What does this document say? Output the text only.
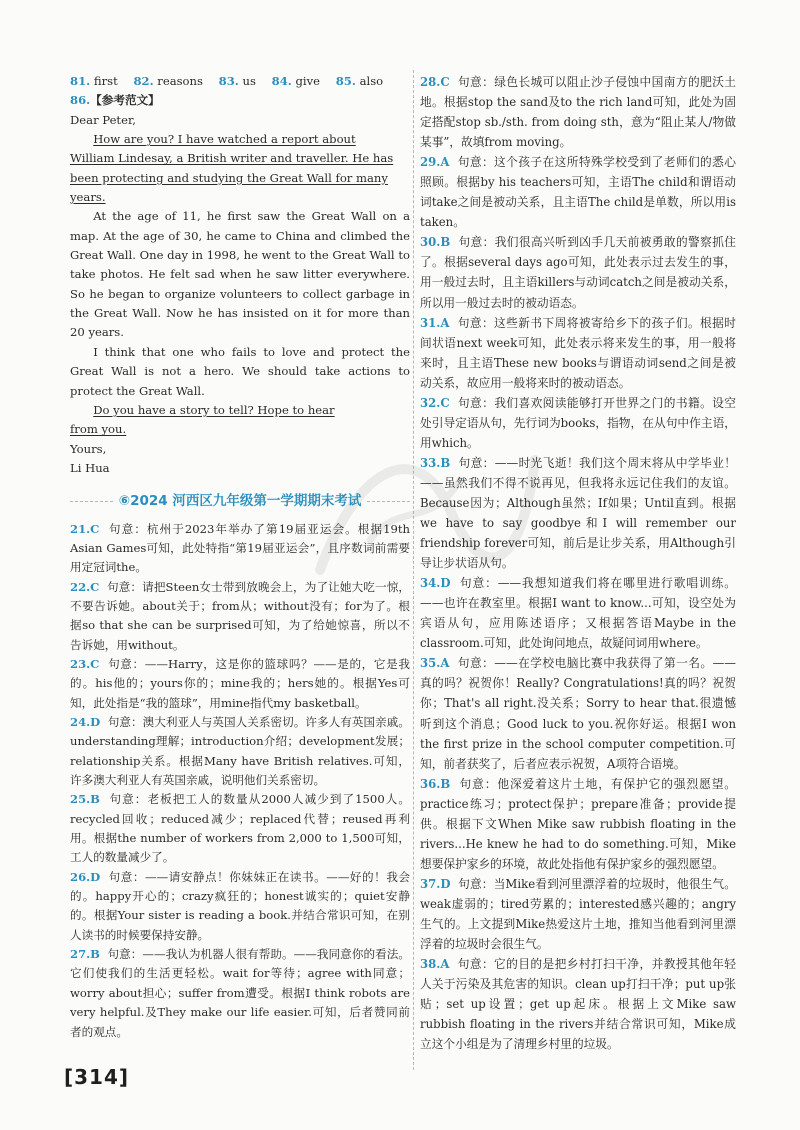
81. first 82. reasons 83. us 84. give 85. also

86.【参考范文】

Dear Peter,

How are you? I have watched a report about

William Lindesay, a British writer and traveller. He has

been protecting and studying the Great Wall for many

years.

At the age of 11, he first saw the Great Wall on a map. At the age of 30, he came to China and climbed the Great Wall. One day in 1998, he went to the Great Wall to take photos. He felt sad when he saw litter everywhere. So he began to organize volunteers to collect garbage in the Great Wall. Now he has insisted on it for more than 20 years.

I think that one who fails to love and protect the Great Wall is not a hero. We should take actions to protect the Great Wall.

Do you have a story to tell? Hope to hear

from you.

Yours,

Li Hua

⑥2024 河西区九年级第一学期期末考试

21.C 句意：杭州于2023年举办了第19届亚运会。根据19th Asian Games可知，此处特指“第19届亚运会”，且序数词前需要用定冠词the。

22.C 句意：请把Steen女士带到放晚会上，为了让她大吃一惊，不要告诉她。about关于；from从；without没有；for为了。根据so that she can be surprised可知，为了给她惊喜，所以不告诉她，用without。

23.C 句意：——Harry，这是你的篮球吗？——是的，它是我的。his他的；yours你的；mine我的；hers她的。根据Yes可知，此处指是“我的篮球”，用mine指代my basketball。

24.D 句意：澳大利亚人与英国人关系密切。许多人有英国亲戚。understanding理解；introduction介绍；development发展；relationship关系。根据Many have British relatives.可知，许多澳大利亚人有英国亲戚，说明他们关系密切。

25.B 句意：老板把工人的数量从2000人减少到了1500人。recycled回收；reduced减少；replaced代替；reused再利用。根据the number of workers from 2,000 to 1,500可知，工人的数量减少了。

26.D 句意：——请安静点！你妹妹正在读书。——好的！我会的。happy开心的；crazy疯狂的；honest诚实的；quiet安静的。根据Your sister is reading a book.并结合常识可知，在别人读书的时候要保持安静。

27.B 句意：——我认为机器人很有帮助。——我同意你的看法。它们使我们的生活更轻松。wait for等待；agree with同意；worry about担心；suffer from遭受。根据I think robots are very helpful.及They make our life easier.可知，后者赞同前者的观点。

28.C 句意：绿色长城可以阻止沙子侵蚀中国南方的肥沃土地。根据stop the sand及to the rich land可知，此处为固定搭配stop sb./sth. from doing sth，意为“阻止某人/物做某事”，故填from moving。

29.A 句意：这个孩子在这所特殊学校受到了老师们的悉心照顾。根据by his teachers可知，主语The child和谓语动词take之间是被动关系，且主语The child是单数，所以用is taken。

30.B 句意：我们很高兴听到凶手几天前被勇敢的警察抓住了。根据several days ago可知，此处表示过去发生的事，用一般过去时，且主语killers与动词catch之间是被动关系，所以用一般过去时的被动语态。

31.A 句意：这些新书下周将被寄给乡下的孩子们。根据时间状语next week可知，此处表示将来发生的事，用一般将来时，且主语These new books与谓语动词send之间是被动关系，故应用一般将来时的被动语态。

32.C 句意：我们喜欢阅读能够打开世界之门的书籍。设空处引导定语从句，先行词为books，指物，在从句中作主语，用which。

33.B 句意：——时光飞逝！我们这个周末将从中学毕业！——虽然我们不得不说再见，但我将永远记住我们的友谊。Because因为；Although虽然；If如果；Until直到。根据we have to say goodbye和I will remember our friendship forever可知，前后是让步关系，用Although引导让步状语从句。

34.D 句意：——我想知道我们将在哪里进行歌唱训练。——也许在教室里。根据I want to know...可知，设空处为宾语从句，应用陈述语序；又根据答语Maybe in the classroom.可知，此处询问地点，故疑问词用where。

35.A 句意：——在学校电脑比赛中我获得了第一名。——真的吗？祝贺你！Really? Congratulations!真的吗？祝贺你；That's all right.没关系；Sorry to hear that.很遗憾听到这个消息；Good luck to you.祝你好运。根据I won the first prize in the school computer competition.可知，前者获奖了，后者应表示祝贺，A项符合语境。

36.B 句意：他深爱着这片土地，有保护它的强烈愿望。practice练习；protect保护；prepare准备；provide提供。根据下文When Mike saw rubbish floating in the rivers...He knew he had to do something.可知，Mike想要保护家乡的环境，故此处指他有保护家乡的强烈愿望。

37.D 句意：当Mike看到河里漂浮着的垃圾时，他很生气。weak虚弱的；tired劳累的；interested感兴趣的；angry生气的。上文提到Mike热爱这片土地，推知当他看到河里漂浮着的垃圾时会很生气。

38.A 句意：它的目的是把乡村打扫干净，并教授其他年轻人关于污染及其危害的知识。clean up打扫干净；put up张贴；set up设置；get up起床。根据上文Mike saw rubbish floating in the rivers并结合常识可知，Mike成立这个小组是为了清理乡村里的垃圾。

[314]
